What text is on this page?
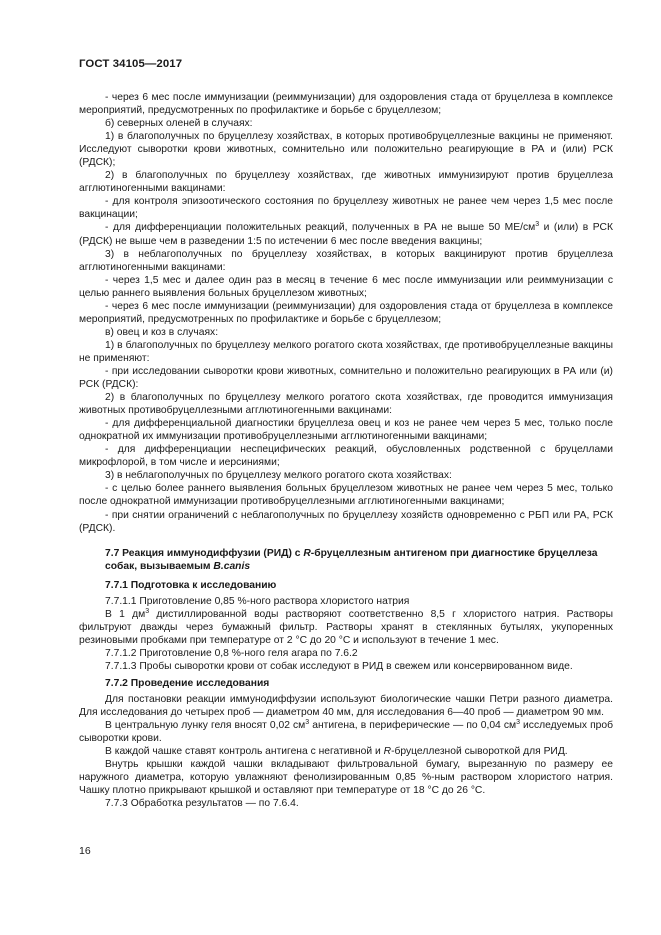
ГОСТ 34105—2017

- через 6 мес после иммунизации (реиммунизации) для оздоровления стада от бруцеллеза в комплексе мероприятий, предусмотренных по профилактике и борьбе с бруцеллезом;

б) северных оленей в случаях:

1) в благополучных по бруцеллезу хозяйствах, в которых противобруцеллезные вакцины не применяют. Исследуют сыворотки крови животных, сомнительно или положительно реагирующие в РА и (или) РСК (РДСК);

2) в благополучных по бруцеллезу хозяйствах, где животных иммунизируют против бруцеллеза агглютиногенными вакцинами:

- для контроля эпизоотического состояния по бруцеллезу животных не ранее чем через 1,5 мес после вакцинации;

- для дифференциации положительных реакций, полученных в РА не выше 50 $МЕ/см^3$ и (или) в РСК (РДСК) не выше чем в разведении 1:5 по истечении 6 мес после введения вакцины;

3) в неблагополучных по бруцеллезу хозяйствах, в которых вакцинируют против бруцеллеза агглютиногенными вакцинами:

- через 1,5 мес и далее один раз в месяц в течение 6 мес после иммунизации или реиммунизации с целью раннего выявления больных бруцеллезом животных;

- через 6 мес после иммунизации (реиммунизации) для оздоровления стада от бруцеллеза в комплексе мероприятий, предусмотренных по профилактике и борьбе с бруцеллезом;

в) овец и коз в случаях:

1) в благополучных по бруцеллезу мелкого рогатого скота хозяйствах, где противобруцеллезные вакцины не применяют:

- при исследовании сыворотки крови животных, сомнительно и положительно реагирующих в РА или (и) РСК (РДСК):

2) в благополучных по бруцеллезу мелкого рогатого скота хозяйствах, где проводится иммунизация животных противобруцеллезными агглютиногенными вакцинами:

- для дифференциальной диагностики бруцеллеза овец и коз не ранее чем через 5 мес, только после однократной их иммунизации противобруцеллезными агглютиногенными вакцинами;

- для дифференциации неспецифических реакций, обусловленных родственной с бруцеллами микрофлорой, в том числе и иерсиниями;

3) в неблагополучных по бруцеллезу мелкого рогатого скота хозяйствах:

- с целью более раннего выявления больных бруцеллезом животных не ранее чем через 5 мес, только после однократной иммунизации противобруцеллезными агглютиногенными вакцинами;

- при снятии ограничений с неблагополучных по бруцеллезу хозяйств одновременно с РБП или РА, РСК (РДСК).

7.7 Реакция иммунодиффузии (РИД) с R-бруцеллезным антигеном при диагностике бруцеллеза собак, вызываемым B.canis
7.7.1 Подготовка к исследованию

7.7.1.1 Приготовление 0,85 %-ного раствора хлористого натрия

В 1 $дм^3$ дистиллированной воды растворяют соответственно 8,5 г хлористого натрия. Растворы фильтруют дважды через бумажный фильтр. Растворы хранят в стеклянных бутылях, укупоренных резиновыми пробками при температуре от 2 °С до 20 °С и используют в течение 1 мес.

7.7.1.2 Приготовление 0,8 %-ного геля агара по 7.6.2

7.7.1.3 Пробы сыворотки крови от собак исследуют в РИД в свежем или консервированном виде.

7.7.2 Проведение исследования

Для постановки реакции иммунодиффузии используют биологические чашки Петри разного диаметра. Для исследования до четырех проб — диаметром 40 мм, для исследования 6—40 проб — диаметром 90 мм.

В центральную лунку геля вносят 0,02 $см^3$ антигена, в периферические — по 0,04 $см^3$ исследуемых проб сыворотки крови.

В каждой чашке ставят контроль антигена с негативной и R-бруцеллезной сывороткой для РИД.

Внутрь крышки каждой чашки вкладывают фильтровальной бумагу, вырезанную по размеру ее наружного диаметра, которую увлажняют фенолизированным 0,85 %-ным раствором хлористого натрия. Чашку плотно прикрывают крышкой и оставляют при температуре от 18 °С до 26 °С.

7.7.3 Обработка результатов — по 7.6.4.

16
